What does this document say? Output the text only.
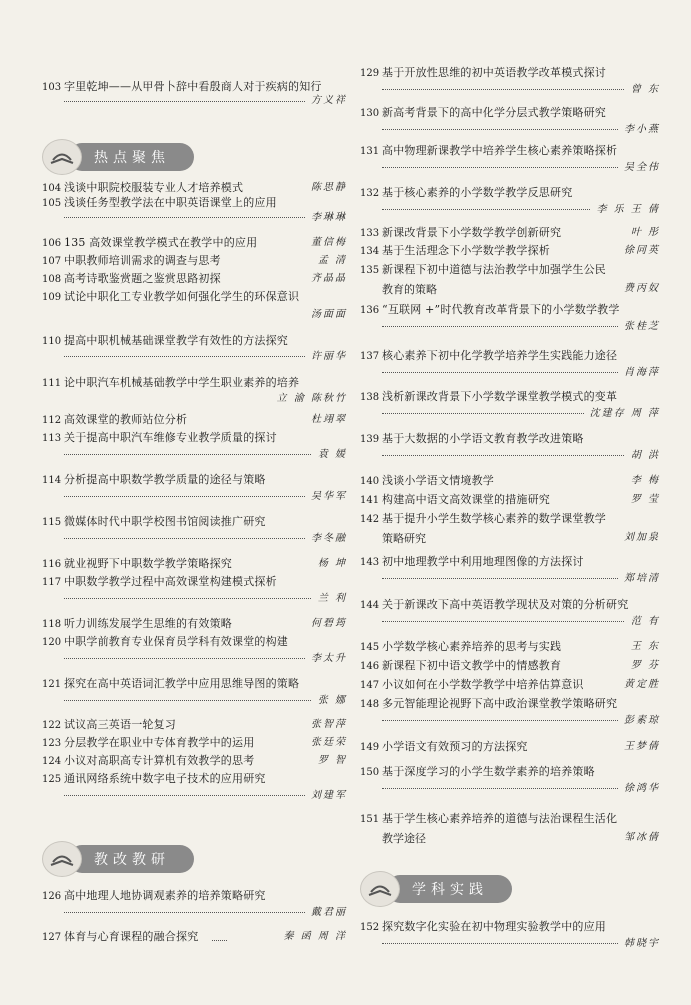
103 字里乾坤——从甲骨卜辞中看殷商人对于疾病的知行
方义祥
热点聚焦
104 浅谈中职院校服装专业人才培养模式	陈思静
105 浅谈任务型教学法在中职英语课堂上的应用
李琳琳
106 135 高效课堂教学模式在教学中的应用	董信梅
107 中职教师培训需求的调查与思考	孟 清
108 高考诗歌鉴赏题之鉴赏思路初探	齐晶晶
109 试论中职化工专业教学如何强化学生的环保意识
汤面面
110 提高中职机械基础课堂教学有效性的方法探究
许丽华
111 论中职汽车机械基础教学中学生职业素养的培养
立 渝 陈秋竹
112 高效课堂的教师站位分析	杜翊翠
113 关于提高中职汽车维修专业教学质量的探讨
袁 媛
114 分析提高中职数学教学质量的途径与策略
吴华军
115 微媒体时代中职学校图书馆阅读推广研究
李冬融
116 就业视野下中职数学教学策略探究	杨 坤
117 中职数学教学过程中高效课堂构建模式探析
兰 利
118 听力训练发展学生思维的有效策略	何碧筠
120 中职学前教育专业保育员学科有效课堂的构建
李太升
121 探究在高中英语词汇教学中应用思维导图的策略
张 娜
122 试议高三英语一轮复习	张智萍
123 分层教学在职业中专体育教学中的运用	张廷荣
124 小议对高职高专计算机有效教学的思考	罗 智
125 通讯网络系统中数字电子技术的应用研究
刘建军
教改教研
126 高中地理人地协调观素养的培养策略研究
戴君丽
127 体育与心育课程的融合探究	秦 函 周 洋
129 基于开放性思维的初中英语教学改革模式探讨
曾 东
130 新高考背景下的高中化学分层式教学策略研究
李小燕
131 高中物理新课教学中培养学生核心素养策略探析
吴全伟
132 基于核心素养的小学数学教学反思研究
李 乐 王 倩
133 新课改背景下小学数学教学创新研究	叶 彤
134 基于生活理念下小学数学教学探析	徐同英
135 新课程下初中道德与法治教学中加强学生公民
教育的策略	费丙奴
136 “互联网 +”时代教育改革背景下的小学数学教学
张桂芝
137 核心素养下初中化学教学培养学生实践能力途径
肖海萍
138 浅析新课改背景下小学数学课堂教学模式的变革
沈建存 周 萍
139 基于大数据的小学语文教育教学改进策略
胡 洪
140 浅谈小学语文情境教学	李 梅
141 构建高中语文高效课堂的措施研究	罗 莹
142 基于提升小学生数学核心素养的数学课堂教学
策略研究	刘加泉
143 初中地理教学中利用地理图像的方法探讨
郑培清
144 关于新课改下高中英语教学现状及对策的分析研究
范 有
145 小学数学核心素养培养的思考与实践	王 东
146 新课程下初中语文教学中的情感教育	罗 芬
147 小议如何在小学数学教学中培养估算意识	黄定胜
148 多元智能理论视野下高中政治课堂教学策略研究
彭素琼
149 小学语文有效预习的方法探究	王梦倩
150 基于深度学习的小学生数学素养的培养策略
徐鸿华
151 基于学生核心素养培养的道德与法治课程生活化
教学途径	邹冰倩
学科实践
152 探究数字化实验在初中物理实验教学中的应用
韩晓宇
